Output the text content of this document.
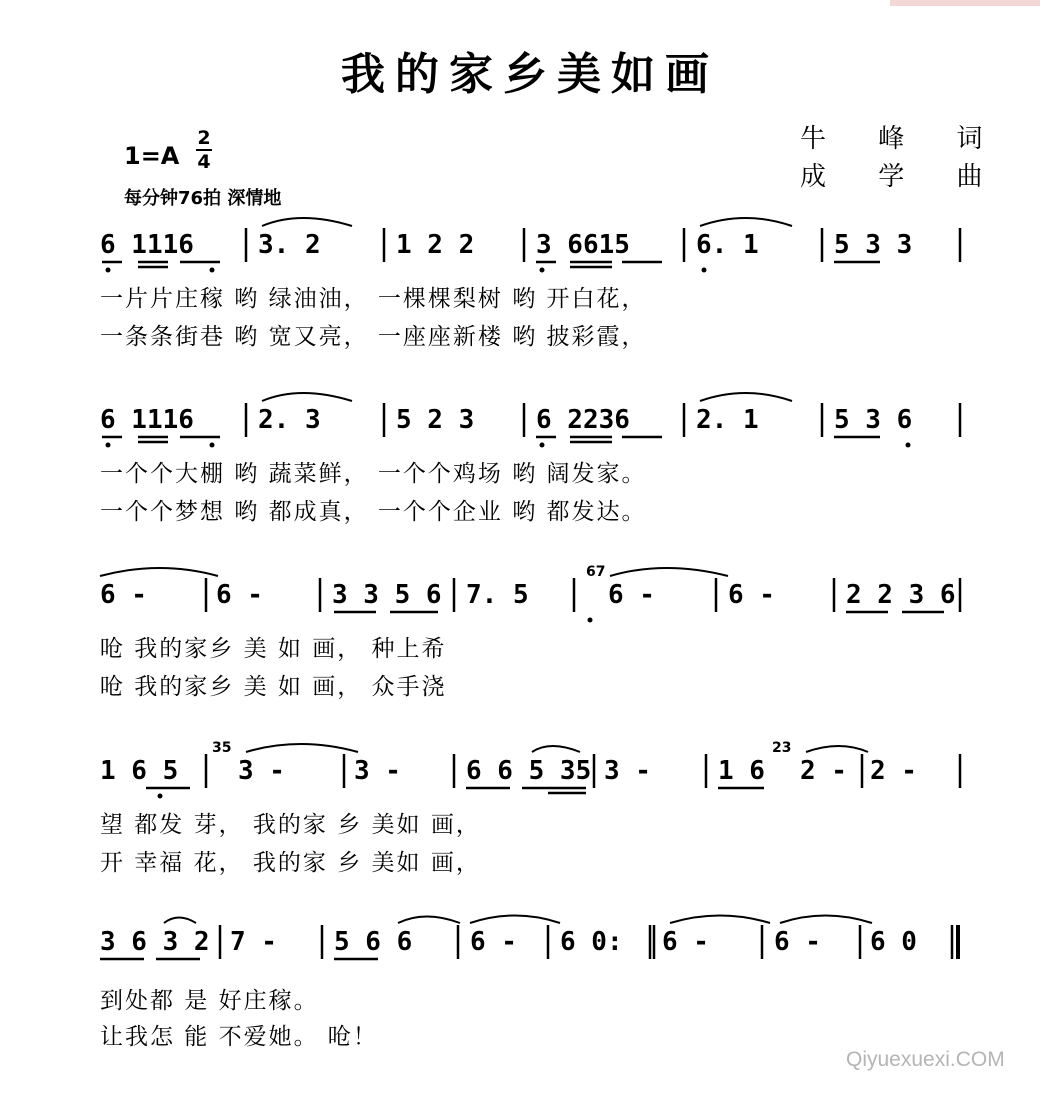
我的家乡美如画
牛 峰 词
成 学 曲
1=A
2
4
每分钟76拍 深情地
6 1116 3. 2	1 2 2 3 6615	6. 1	5 3 3
一片片庄稼 哟 绿油油， 一棵棵梨树 哟 开白花，
一条条街巷 哟 宽又亮， 一座座新楼 哟 披彩霞，
6 1116 2. 3	5 2 3 6 2236	2. 1	5 3 6
一个个大棚 哟 蔬菜鲜， 一个个鸡场 哟 阔发家。
一个个梦想 哟 都成真， 一个个企业 哟 都发达。
6 -	6 -	3 3 5 6 7. 5
67
6 -	6 -	2 2 3 6
呛 我的家乡 美 如 画， 种上希
呛 我的家乡 美 如 画， 众手浇
1 6 5
35
3 -	3 -	6 6 5 35 3 -	1 6
23
2 - 2 -
望 都发 芽， 我的家 乡 美如 画，
开 幸福 花， 我的家 乡 美如 画，
3 6 3 2 7 - 5 6 6 6 - 6 0: 6 -	6 - 6 0
到处都 是 好庄稼。
让我怎 能 不爱她。 呛！
Qiyuexuexi.COM
